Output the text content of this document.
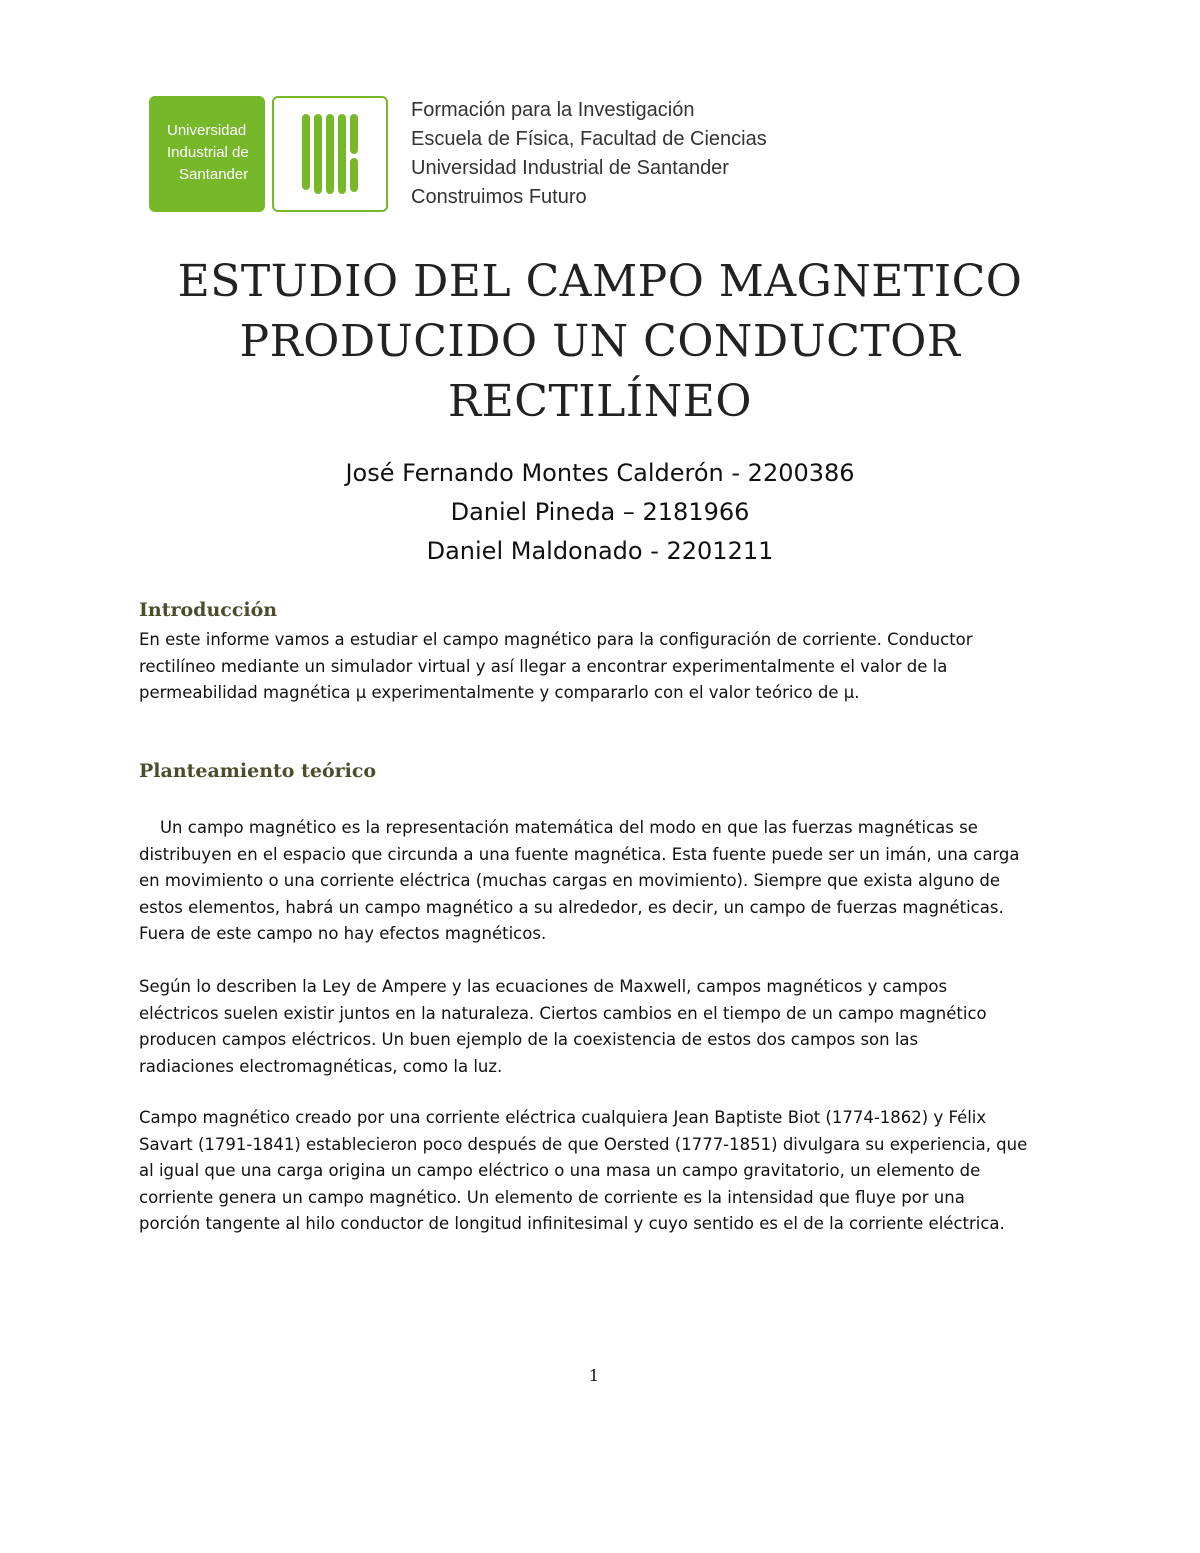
Universidad
Industrial de
Santander
Formación para la Investigación
Escuela de Física, Facultad de Ciencias
Universidad Industrial de Santander
Construimos Futuro
ESTUDIO DEL CAMPO MAGNETICO
PRODUCIDO UN CONDUCTOR
RECTILÍNEO
José Fernando Montes Calderón - 2200386
Daniel Pineda – 2181966
Daniel Maldonado - 2201211
Introducción
En este informe vamos a estudiar el campo magnético para la configuración de corriente. Conductor
rectilíneo mediante un simulador virtual y así llegar a encontrar experimentalmente el valor de la
permeabilidad magnética μ experimentalmente y compararlo con el valor teórico de μ.
Planteamiento teórico
Un campo magnético es la representación matemática del modo en que las fuerzas magnéticas se
distribuyen en el espacio que circunda a una fuente magnética. Esta fuente puede ser un imán, una carga
en movimiento o una corriente eléctrica (muchas cargas en movimiento). Siempre que exista alguno de
estos elementos, habrá un campo magnético a su alrededor, es decir, un campo de fuerzas magnéticas.
Fuera de este campo no hay efectos magnéticos.
Según lo describen la Ley de Ampere y las ecuaciones de Maxwell, campos magnéticos y campos
eléctricos suelen existir juntos en la naturaleza. Ciertos cambios en el tiempo de un campo magnético
producen campos eléctricos. Un buen ejemplo de la coexistencia de estos dos campos son las
radiaciones electromagnéticas, como la luz.
Campo magnético creado por una corriente eléctrica cualquiera Jean Baptiste Biot (1774-1862) y Félix
Savart (1791-1841) establecieron poco después de que Oersted (1777-1851) divulgara su experiencia, que
al igual que una carga origina un campo eléctrico o una masa un campo gravitatorio, un elemento de
corriente genera un campo magnético. Un elemento de corriente es la intensidad que fluye por una
porción tangente al hilo conductor de longitud infinitesimal y cuyo sentido es el de la corriente eléctrica.
1
